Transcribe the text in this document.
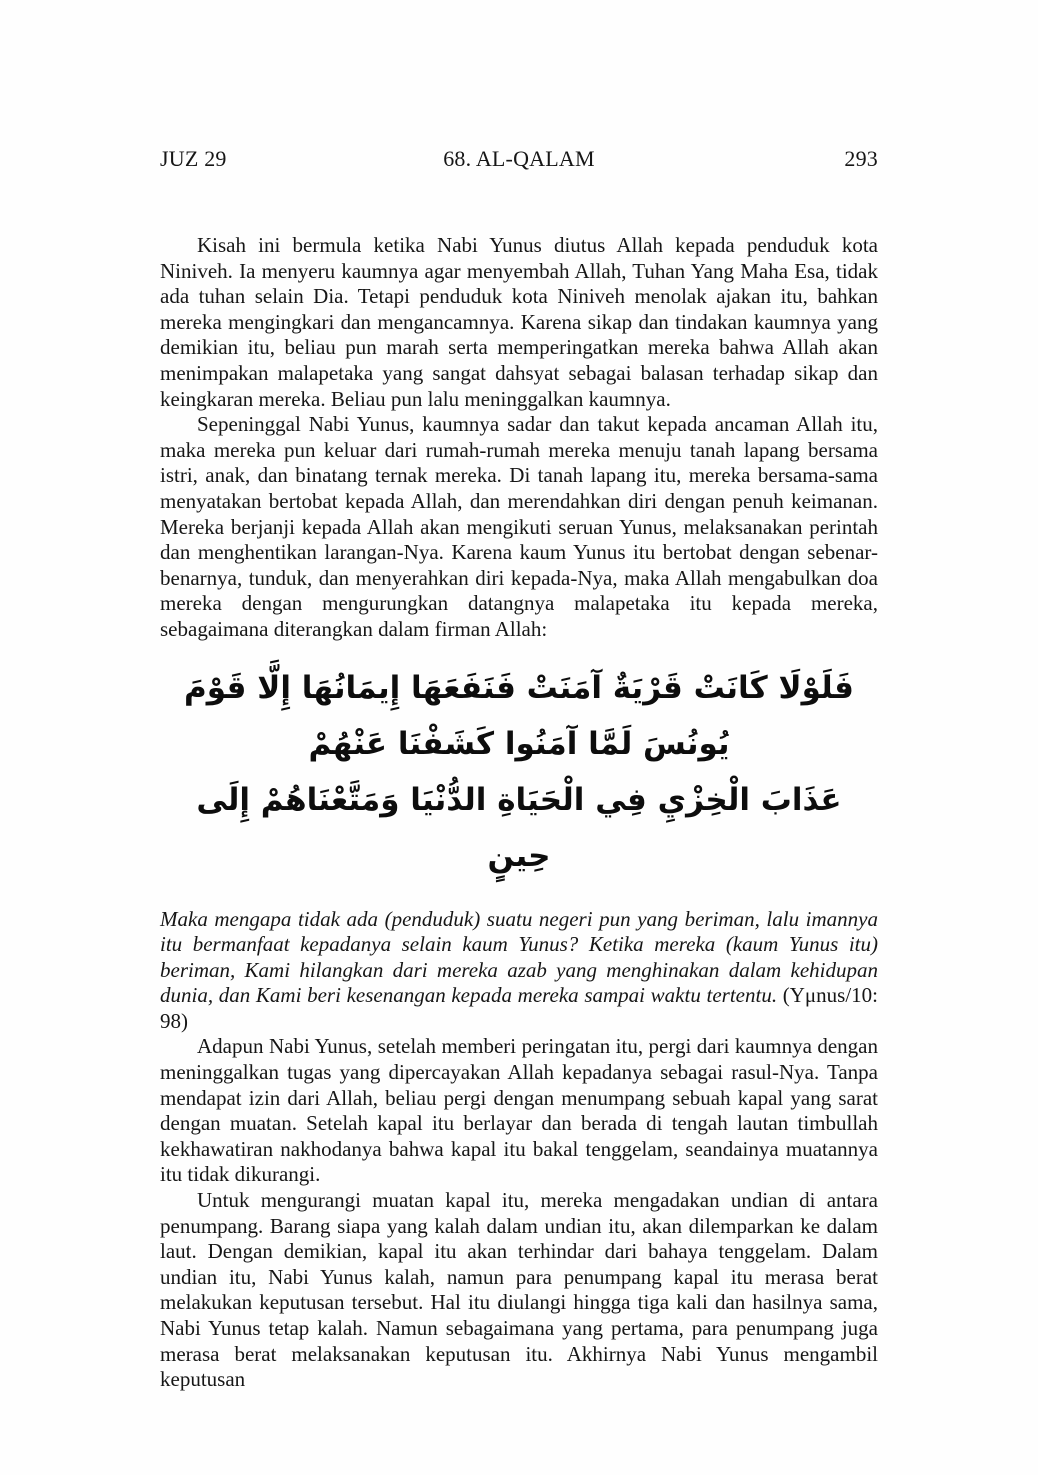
JUZ 29	68. AL-QALAM	293

Kisah ini bermula ketika Nabi Yunus diutus Allah kepada penduduk kota Niniveh. Ia menyeru kaumnya agar menyembah Allah, Tuhan Yang Maha Esa, tidak ada tuhan selain Dia. Tetapi penduduk kota Niniveh menolak ajakan itu, bahkan mereka mengingkari dan mengancamnya. Karena sikap dan tindakan kaumnya yang demikian itu, beliau pun marah serta memperingatkan mereka bahwa Allah akan menimpakan malapetaka yang sangat dahsyat sebagai balasan terhadap sikap dan keingkaran mereka. Beliau pun lalu meninggalkan kaumnya.

Sepeninggal Nabi Yunus, kaumnya sadar dan takut kepada ancaman Allah itu, maka mereka pun keluar dari rumah-rumah mereka menuju tanah lapang bersama istri, anak, dan binatang ternak mereka. Di tanah lapang itu, mereka bersama-sama menyatakan bertobat kepada Allah, dan merendahkan diri dengan penuh keimanan. Mereka berjanji kepada Allah akan mengikuti seruan Yunus, melaksanakan perintah dan menghentikan larangan-Nya. Karena kaum Yunus itu bertobat dengan sebenar-benarnya, tunduk, dan menyerahkan diri kepada-Nya, maka Allah mengabulkan doa mereka dengan mengurungkan datangnya malapetaka itu kepada mereka, sebagaimana diterangkan dalam firman Allah:

فَلَوْلَا كَانَتْ قَرْيَةٌ آمَنَتْ فَنَفَعَهَا إِيمَانُهَا إِلَّا قَوْمَ يُونُسَ لَمَّا آمَنُوا كَشَفْنَا عَنْهُمْ
عَذَابَ الْخِزْيِ فِي الْحَيَاةِ الدُّنْيَا وَمَتَّعْنَاهُمْ إِلَى حِينٍ

Maka mengapa tidak ada (penduduk) suatu negeri pun yang beriman, lalu imannya itu bermanfaat kepadanya selain kaum Yunus? Ketika mereka (kaum Yunus itu) beriman, Kami hilangkan dari mereka azab yang menghinakan dalam kehidupan dunia, dan Kami beri kesenangan kepada mereka sampai waktu tertentu. (Yμnus/10: 98)

Adapun Nabi Yunus, setelah memberi peringatan itu, pergi dari kaumnya dengan meninggalkan tugas yang dipercayakan Allah kepadanya sebagai rasul-Nya. Tanpa mendapat izin dari Allah, beliau pergi dengan menumpang sebuah kapal yang sarat dengan muatan. Setelah kapal itu berlayar dan berada di tengah lautan timbullah kekhawatiran nakhodanya bahwa kapal itu bakal tenggelam, seandainya muatannya itu tidak dikurangi.

Untuk mengurangi muatan kapal itu, mereka mengadakan undian di antara penumpang. Barang siapa yang kalah dalam undian itu, akan dilemparkan ke dalam laut. Dengan demikian, kapal itu akan terhindar dari bahaya tenggelam. Dalam undian itu, Nabi Yunus kalah, namun para penumpang kapal itu merasa berat melakukan keputusan tersebut. Hal itu diulangi hingga tiga kali dan hasilnya sama, Nabi Yunus tetap kalah. Namun sebagaimana yang pertama, para penumpang juga merasa berat melaksanakan keputusan itu. Akhirnya Nabi Yunus mengambil keputusan
